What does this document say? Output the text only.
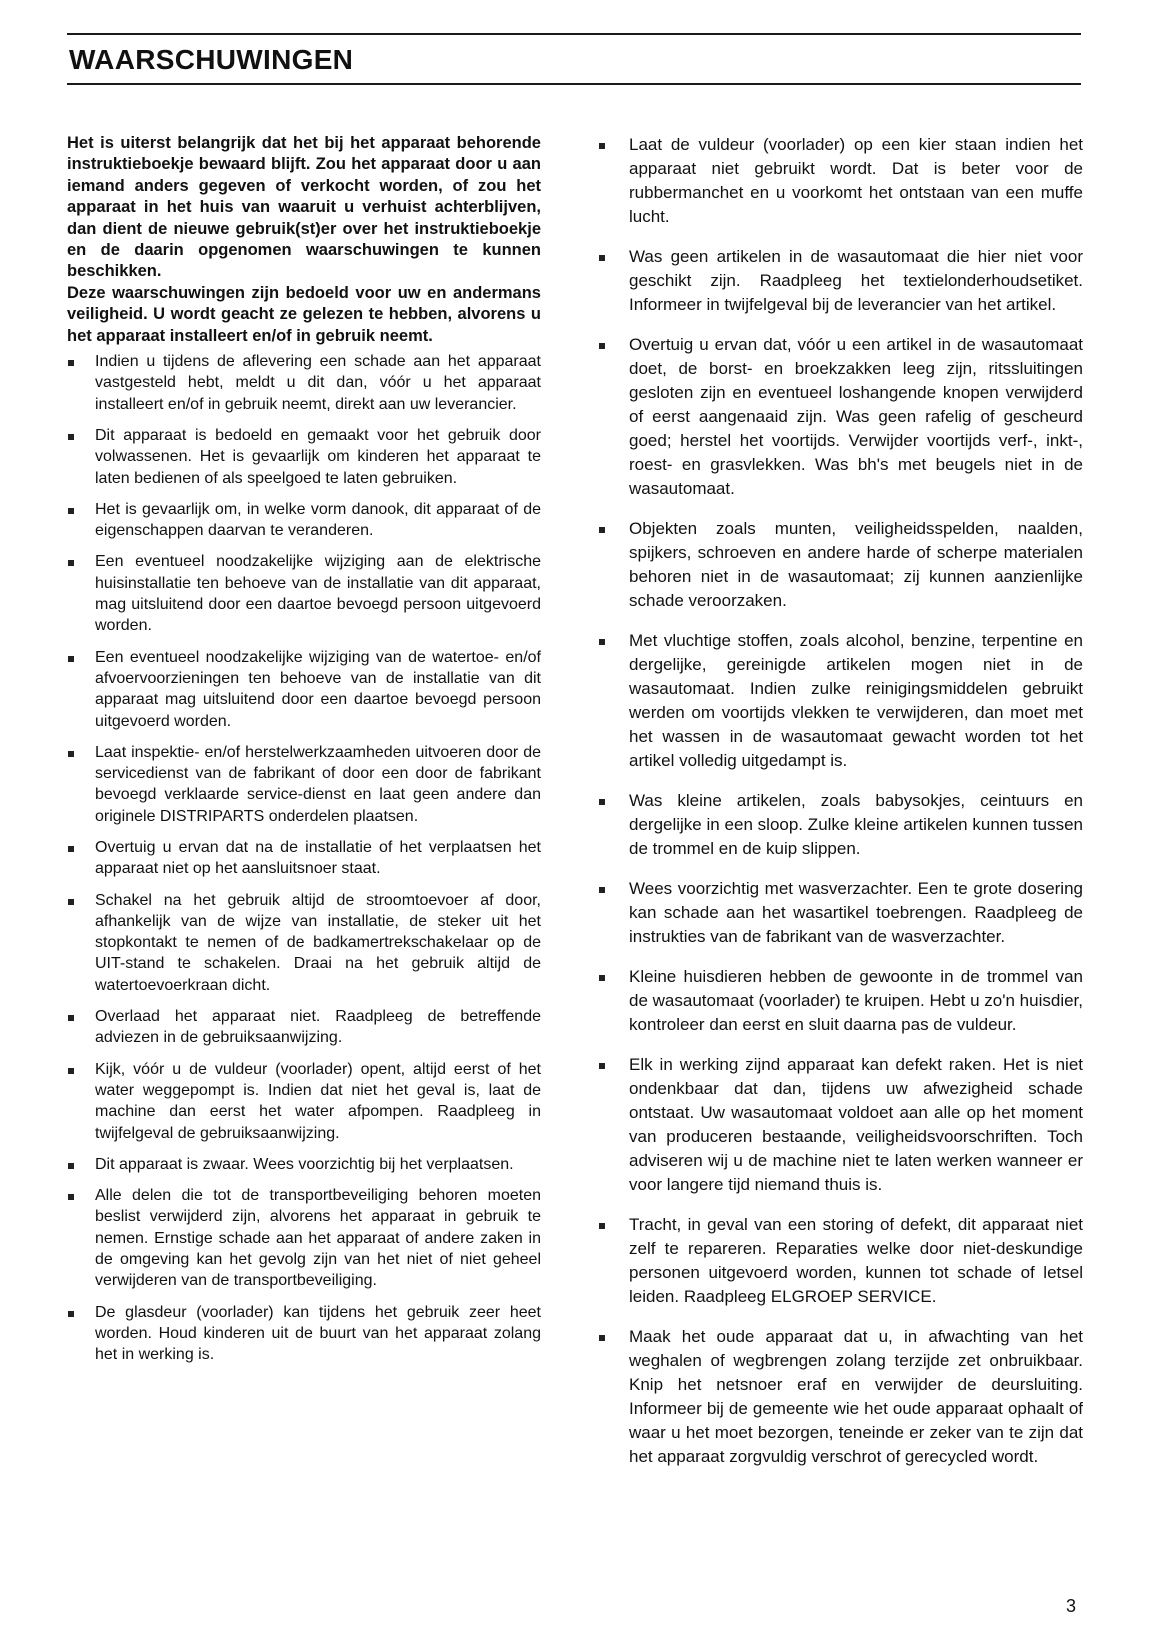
WAARSCHUWINGEN

Het is uiterst belangrijk dat het bij het apparaat behorende instruktieboekje bewaard blijft. Zou het apparaat door u aan iemand anders gegeven of verkocht worden, of zou het apparaat in het huis van waaruit u verhuist achterblijven, dan dient de nieuwe gebruik(st)er over het instruktieboekje en de daarin opgenomen waarschuwingen te kunnen beschikken.

Deze waarschuwingen zijn bedoeld voor uw en andermans veiligheid. U wordt geacht ze gelezen te hebben, alvorens u het apparaat installeert en/of in gebruik neemt.

Indien u tijdens de aflevering een schade aan het apparaat vastgesteld hebt, meldt u dit dan, vóór u het apparaat installeert en/of in gebruik neemt, direkt aan uw leverancier.
Dit apparaat is bedoeld en gemaakt voor het gebruik door volwassenen. Het is gevaarlijk om kinderen het apparaat te laten bedienen of als speelgoed te laten gebruiken.
Het is gevaarlijk om, in welke vorm danook, dit apparaat of de eigenschappen daarvan te veranderen.
Een eventueel noodzakelijke wijziging aan de elektrische huisinstallatie ten behoeve van de installatie van dit apparaat, mag uitsluitend door een daartoe bevoegd persoon uitgevoerd worden.
Een eventueel noodzakelijke wijziging van de watertoe- en/of afvoervoorzieningen ten behoeve van de installatie van dit apparaat mag uitsluitend door een daartoe bevoegd persoon uitgevoerd worden.
Laat inspektie- en/of herstelwerkzaamheden uitvoeren door de servicedienst van de fabrikant of door een door de fabrikant bevoegd verklaarde service-dienst en laat geen andere dan originele DISTRIPARTS onderdelen plaatsen.
Overtuig u ervan dat na de installatie of het verplaatsen het apparaat niet op het aansluitsnoer staat.
Schakel na het gebruik altijd de stroomtoevoer af door, afhankelijk van de wijze van installatie, de steker uit het stopkontakt te nemen of de badkamertrekschakelaar op de UIT-stand te schakelen. Draai na het gebruik altijd de watertoevoerkraan dicht.
Overlaad het apparaat niet. Raadpleeg de betreffende adviezen in de gebruiksaanwijzing.
Kijk, vóór u de vuldeur (voorlader) opent, altijd eerst of het water weggepompt is. Indien dat niet het geval is, laat de machine dan eerst het water afpompen. Raadpleeg in twijfelgeval de gebruiksaanwijzing.
Dit apparaat is zwaar. Wees voorzichtig bij het verplaatsen.
Alle delen die tot de transportbeveiliging behoren moeten beslist verwijderd zijn, alvorens het apparaat in gebruik te nemen. Ernstige schade aan het apparaat of andere zaken in de omgeving kan het gevolg zijn van het niet of niet geheel verwijderen van de transportbeveiliging.
De glasdeur (voorlader) kan tijdens het gebruik zeer heet worden. Houd kinderen uit de buurt van het apparaat zolang het in werking is.
Laat de vuldeur (voorlader) op een kier staan indien het apparaat niet gebruikt wordt. Dat is beter voor de rubbermanchet en u voorkomt het ontstaan van een muffe lucht.
Was geen artikelen in de wasautomaat die hier niet voor geschikt zijn. Raadpleeg het textielonderhoudsetiket. Informeer in twijfelgeval bij de leverancier van het artikel.
Overtuig u ervan dat, vóór u een artikel in de wasautomaat doet, de borst- en broekzakken leeg zijn, ritssluitingen gesloten zijn en eventueel loshangende knopen verwijderd of eerst aangenaaid zijn. Was geen rafelig of gescheurd goed; herstel het voortijds. Verwijder voortijds verf-, inkt-, roest- en grasvlekken. Was bh's met beugels niet in de wasautomaat.
Objekten zoals munten, veiligheidsspelden, naalden, spijkers, schroeven en andere harde of scherpe materialen behoren niet in de wasautomaat; zij kunnen aanzienlijke schade veroorzaken.
Met vluchtige stoffen, zoals alcohol, benzine, terpentine en dergelijke, gereinigde artikelen mogen niet in de wasautomaat. Indien zulke reinigingsmiddelen gebruikt werden om voortijds vlekken te verwijderen, dan moet met het wassen in de wasautomaat gewacht worden tot het artikel volledig uitgedampt is.
Was kleine artikelen, zoals babysokjes, ceintuurs en dergelijke in een sloop. Zulke kleine artikelen kunnen tussen de trommel en de kuip slippen.
Wees voorzichtig met wasverzachter. Een te grote dosering kan schade aan het wasartikel toebrengen. Raadpleeg de instrukties van de fabrikant van de wasverzachter.
Kleine huisdieren hebben de gewoonte in de trommel van de wasautomaat (voorlader) te kruipen. Hebt u zo'n huisdier, kontroleer dan eerst en sluit daarna pas de vuldeur.
Elk in werking zijnd apparaat kan defekt raken. Het is niet ondenkbaar dat dan, tijdens uw afwezigheid schade ontstaat. Uw wasautomaat voldoet aan alle op het moment van produceren bestaande, veiligheidsvoorschriften. Toch adviseren wij u de machine niet te laten werken wanneer er voor langere tijd niemand thuis is.
Tracht, in geval van een storing of defekt, dit apparaat niet zelf te repareren. Reparaties welke door niet-deskundige personen uitgevoerd worden, kunnen tot schade of letsel leiden. Raadpleeg ELGROEP SERVICE.
Maak het oude apparaat dat u, in afwachting van het weghalen of wegbrengen zolang terzijde zet onbruikbaar. Knip het netsnoer eraf en verwijder de deursluiting. Informeer bij de gemeente wie het oude apparaat ophaalt of waar u het moet bezorgen, teneinde er zeker van te zijn dat het apparaat zorgvuldig verschrot of gerecycled wordt.
3
